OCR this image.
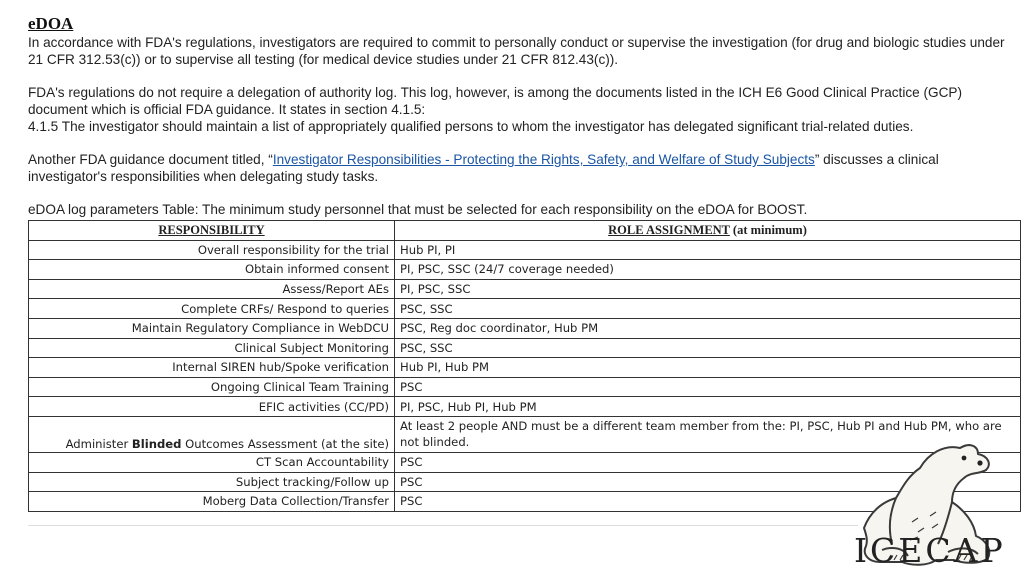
eDOA

In accordance with FDA's regulations, investigators are required to commit to personally conduct or supervise the investigation (for drug and biologic studies under 21 CFR 312.53(c)) or to supervise all testing (for medical device studies under 21 CFR 812.43(c)).

FDA's regulations do not require a delegation of authority log. This log, however, is among the documents listed in the ICH E6 Good Clinical Practice (GCP) document which is official FDA guidance. It states in section 4.1.5:

4.1.5 The investigator should maintain a list of appropriately qualified persons to whom the investigator has delegated significant trial-related duties.

Another FDA guidance document titled, “Investigator Responsibilities - Protecting the Rights, Safety, and Welfare of Study Subjects” discusses a clinical investigator's responsibilities when delegating study tasks.

eDOA log parameters Table: The minimum study personnel that must be selected for each responsibility on the eDOA for BOOST.

RESPONSIBILITY	ROLE ASSIGNMENT (at minimum)
Overall responsibility for the trial	Hub PI, PI
Obtain informed consent	PI, PSC, SSC (24/7 coverage needed)
Assess/Report AEs	PI, PSC, SSC
Complete CRFs/ Respond to queries	PSC, SSC
Maintain Regulatory Compliance in WebDCU	PSC, Reg doc coordinator, Hub PM
Clinical Subject Monitoring	PSC, SSC
Internal SIREN hub/Spoke verification	Hub PI, Hub PM
Ongoing Clinical Team Training	PSC
EFIC activities (CC/PD)	PI, PSC, Hub PI, Hub PM
Administer Blinded Outcomes Assessment (at the site)	At least 2 people AND must be a different team member from the: PI, PSC, Hub PI and Hub PM, who are not blinded.
CT Scan Accountability	PSC
Subject tracking/Follow up	PSC
Moberg Data Collection/Transfer	PSC
ICECAP
